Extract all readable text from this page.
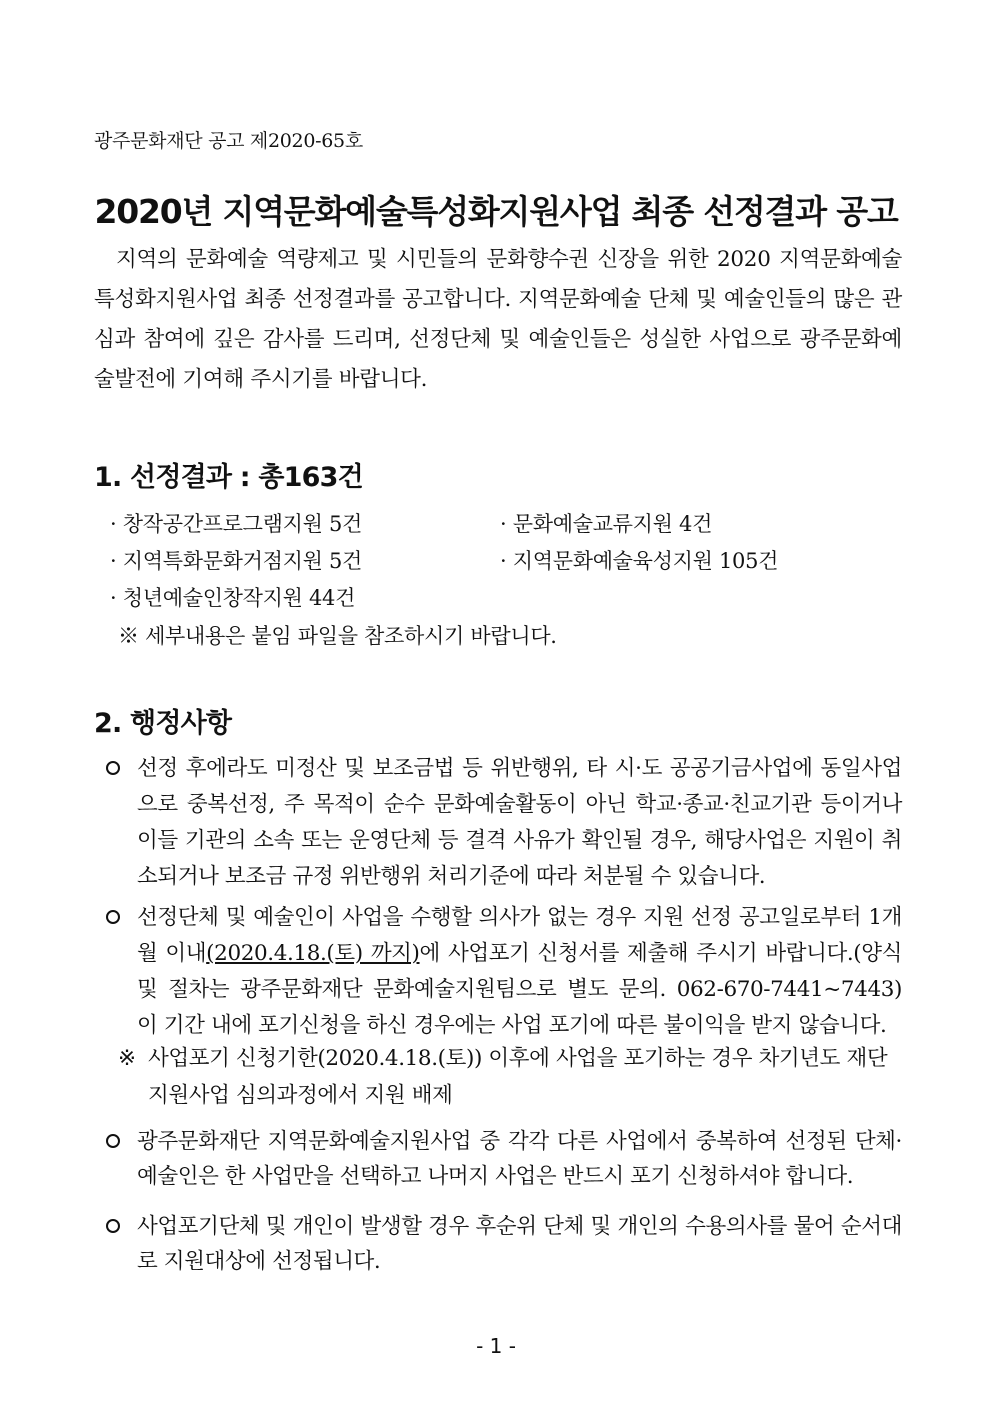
광주문화재단 공고 제2020-65호
2020년 지역문화예술특성화지원사업 최종 선정결과 공고

지역의 문화예술 역량제고 및 시민들의 문화향수권 신장을 위한 2020 지역문화예술특성화지원사업 최종 선정결과를 공고합니다. 지역문화예술 단체 및 예술인들의 많은 관심과 참여에 깊은 감사를 드리며, 선정단체 및 예술인들은 성실한 사업으로 광주문화예술발전에 기여해 주시기를 바랍니다.

1. 선정결과 : 총163건
· 창작공간프로그램지원 5건	· 문화예술교류지원 4건
· 지역특화문화거점지원 5건	· 지역문화예술육성지원 105건
· 청년예술인창작지원 44건
※ 세부내용은 붙임 파일을 참조하시기 바랍니다.
2. 행정사항
선정 후에라도 미정산 및 보조금법 등 위반행위, 타 시·도 공공기금사업에 동일사업으로 중복선정, 주 목적이 순수 문화예술활동이 아닌 학교·종교·친교기관 등이거나 이들 기관의 소속 또는 운영단체 등 결격 사유가 확인될 경우, 해당사업은 지원이 취소되거나 보조금 규정 위반행위 처리기준에 따라 처분될 수 있습니다.
선정단체 및 예술인이 사업을 수행할 의사가 없는 경우 지원 선정 공고일로부터 1개월 이내(2020.4.18.(토) 까지)에 사업포기 신청서를 제출해 주시기 바랍니다.(양식 및 절차는 광주문화재단 문화예술지원팀으로 별도 문의. 062-670-7441~7443) 이 기간 내에 포기신청을 하신 경우에는 사업 포기에 따른 불이익을 받지 않습니다.
※ 사업포기 신청기한(2020.4.18.(토)) 이후에 사업을 포기하는 경우 차기년도 재단
지원사업 심의과정에서 지원 배제
광주문화재단 지역문화예술지원사업 중 각각 다른 사업에서 중복하여 선정된 단체·예술인은 한 사업만을 선택하고 나머지 사업은 반드시 포기 신청하셔야 합니다.
사업포기단체 및 개인이 발생할 경우 후순위 단체 및 개인의 수용의사를 물어 순서대로 지원대상에 선정됩니다.
- 1 -
